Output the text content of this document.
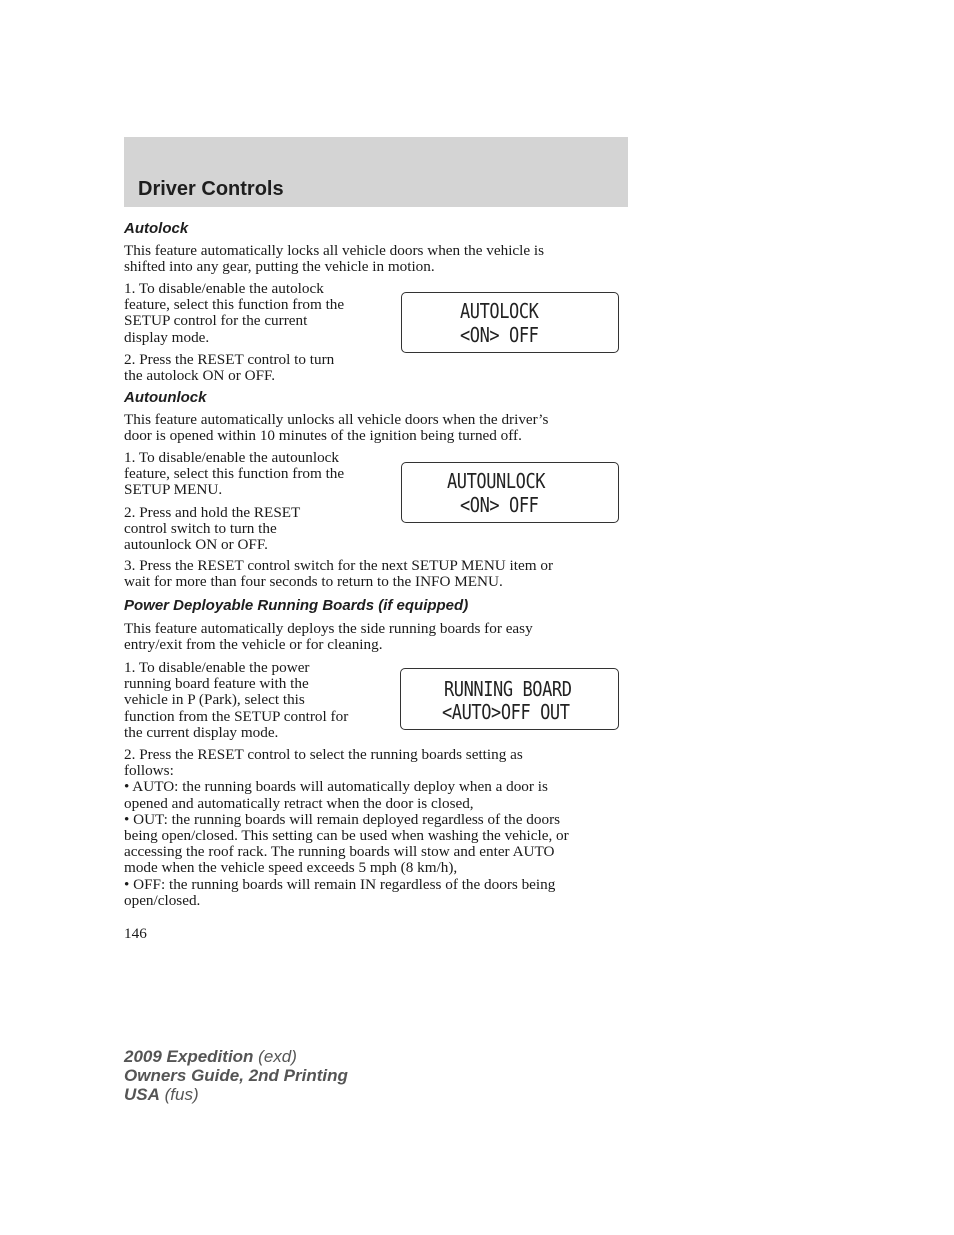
Driver Controls
Autolock
This feature automatically locks all vehicle doors when the vehicle is
shifted into any gear, putting the vehicle in motion.
1. To disable/enable the autolock
feature, select this function from the
SETUP control for the current
display mode.
2. Press the RESET control to turn
the autolock ON or OFF.
AUTOLOCK
<ON> OFF
Autounlock
This feature automatically unlocks all vehicle doors when the driver’s
door is opened within 10 minutes of the ignition being turned off.
1. To disable/enable the autounlock
feature, select this function from the
SETUP MENU.
2. Press and hold the RESET
control switch to turn the
autounlock ON or OFF.
3. Press the RESET control switch for the next SETUP MENU item or
wait for more than four seconds to return to the INFO MENU.
AUTOUNLOCK
<ON> OFF
Power Deployable Running Boards (if equipped)
This feature automatically deploys the side running boards for easy
entry/exit from the vehicle or for cleaning.
1. To disable/enable the power
running board feature with the
vehicle in P (Park), select this
function from the SETUP control for
the current display mode.
RUNNING BOARD
<AUTO>OFF OUT
2. Press the RESET control to select the running boards setting as
follows:
• AUTO: the running boards will automatically deploy when a door is
opened and automatically retract when the door is closed,
• OUT: the running boards will remain deployed regardless of the doors
being open/closed. This setting can be used when washing the vehicle, or
accessing the roof rack. The running boards will stow and enter AUTO
mode when the vehicle speed exceeds 5 mph (8 km/h),
• OFF: the running boards will remain IN regardless of the doors being
open/closed.
146
2009 Expedition (exd)
Owners Guide, 2nd Printing
USA (fus)
